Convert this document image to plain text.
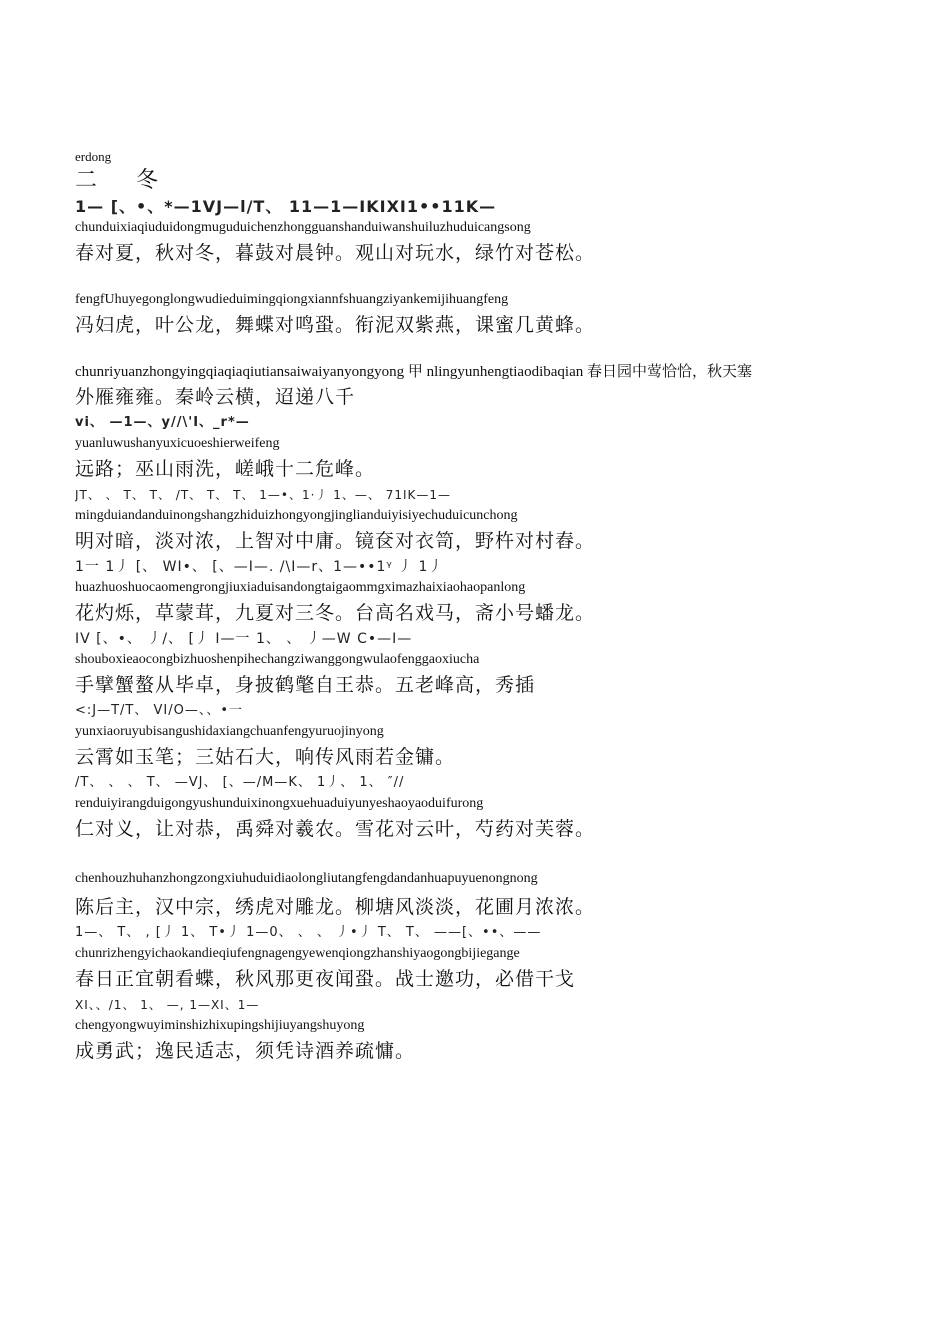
erdong
二 冬
1— [、•、*—1VJ—l/T、 11—1—IKIXI1••11K—
chunduixiaqiuduidongmuguduichenzhongguanshanduiwanshuiluzhuduicangsong
春对夏，秋对冬，暮鼓对晨钟。观山对玩水，绿竹对苍松。
fengfUhuyegonglongwudieduimingqiongxiannfshuangziyankemijihuangfeng
冯妇虎，叶公龙，舞蝶对鸣蛩。衔泥双紫燕，课蜜几黄蜂。
chunriyuanzhongyingqiaqiaqiutiansaiwaiyanyongyong 甲 nlingyunhengtiaodibaqian 春日园中莺恰恰，秋天塞
外雁雍雍。秦岭云横，迢递八千
vi、 —1—、y//\'I、_r*—
yuanluwushanyuxicuoeshierweifeng
远路；巫山雨洗，嵯峨十二危峰。
JT、 、 T、 T、 /T、 T、 T、 1—•、1·丿 1、—、 71IK—1—
mingduiandanduinongshangzhiduizhongyongjinglianduiyisiyechuduicunchong
明对暗，淡对浓，上智对中庸。镜奁对衣笥，野杵对村舂。
1一 1丿 [、 WI•、 [、—I—. /\I—r、1—••1ᵞ 丿 1丿
huazhuoshuocaomengrongjiuxiaduisandongtaigaommgximazhaixiaohaopanlong
花灼烁，草蒙茸，九夏对三冬。台高名戏马，斋小号蟠龙。
IV [、•、 丿/、 [丿 I—一 1、 、 丿—W C•—I—
shouboxieaocongbizhuoshenpihechangziwanggongwulaofenggaoxiucha
手擘蟹螯从毕卓，身披鹤氅自王恭。五老峰高，秀插
<:J—T/T、 VI/O—、、•一
yunxiaoruyubisangushidaxiangchuanfengyuruojinyong
云霄如玉笔；三姑石大，响传风雨若金镛。
/T、 、 、 T、 —VJ、 [、—/M—K、 1丿、 1、 ″//
renduiyirangduigongyushunduixinongxuehuaduiyunyeshaoyaoduifurong
仁对义，让对恭，禹舜对羲农。雪花对云叶，芍药对芙蓉。
chenhouzhuhanzhongzongxiuhuduidiaolongliutangfengdandanhuapuyuenongnong
陈后主，汉中宗，绣虎对雕龙。柳塘风淡淡，花圃月浓浓。
1—、 T、 , [丿 1、 T•丿 1—0、 、 、 丿•丿 T、 T、 ——[、••、——
chunrizhengyichaokandieqiufengnagengyewenqiongzhanshiyaogongbijiegange
春日正宜朝看蝶，秋风那更夜闻蛩。战士邀功，必借干戈
XI、、/1、 1、 —, 1—XI、1—
chengyongwuyiminshizhixupingshijiuyangshuyong
成勇武；逸民适志，须凭诗酒养疏慵。
